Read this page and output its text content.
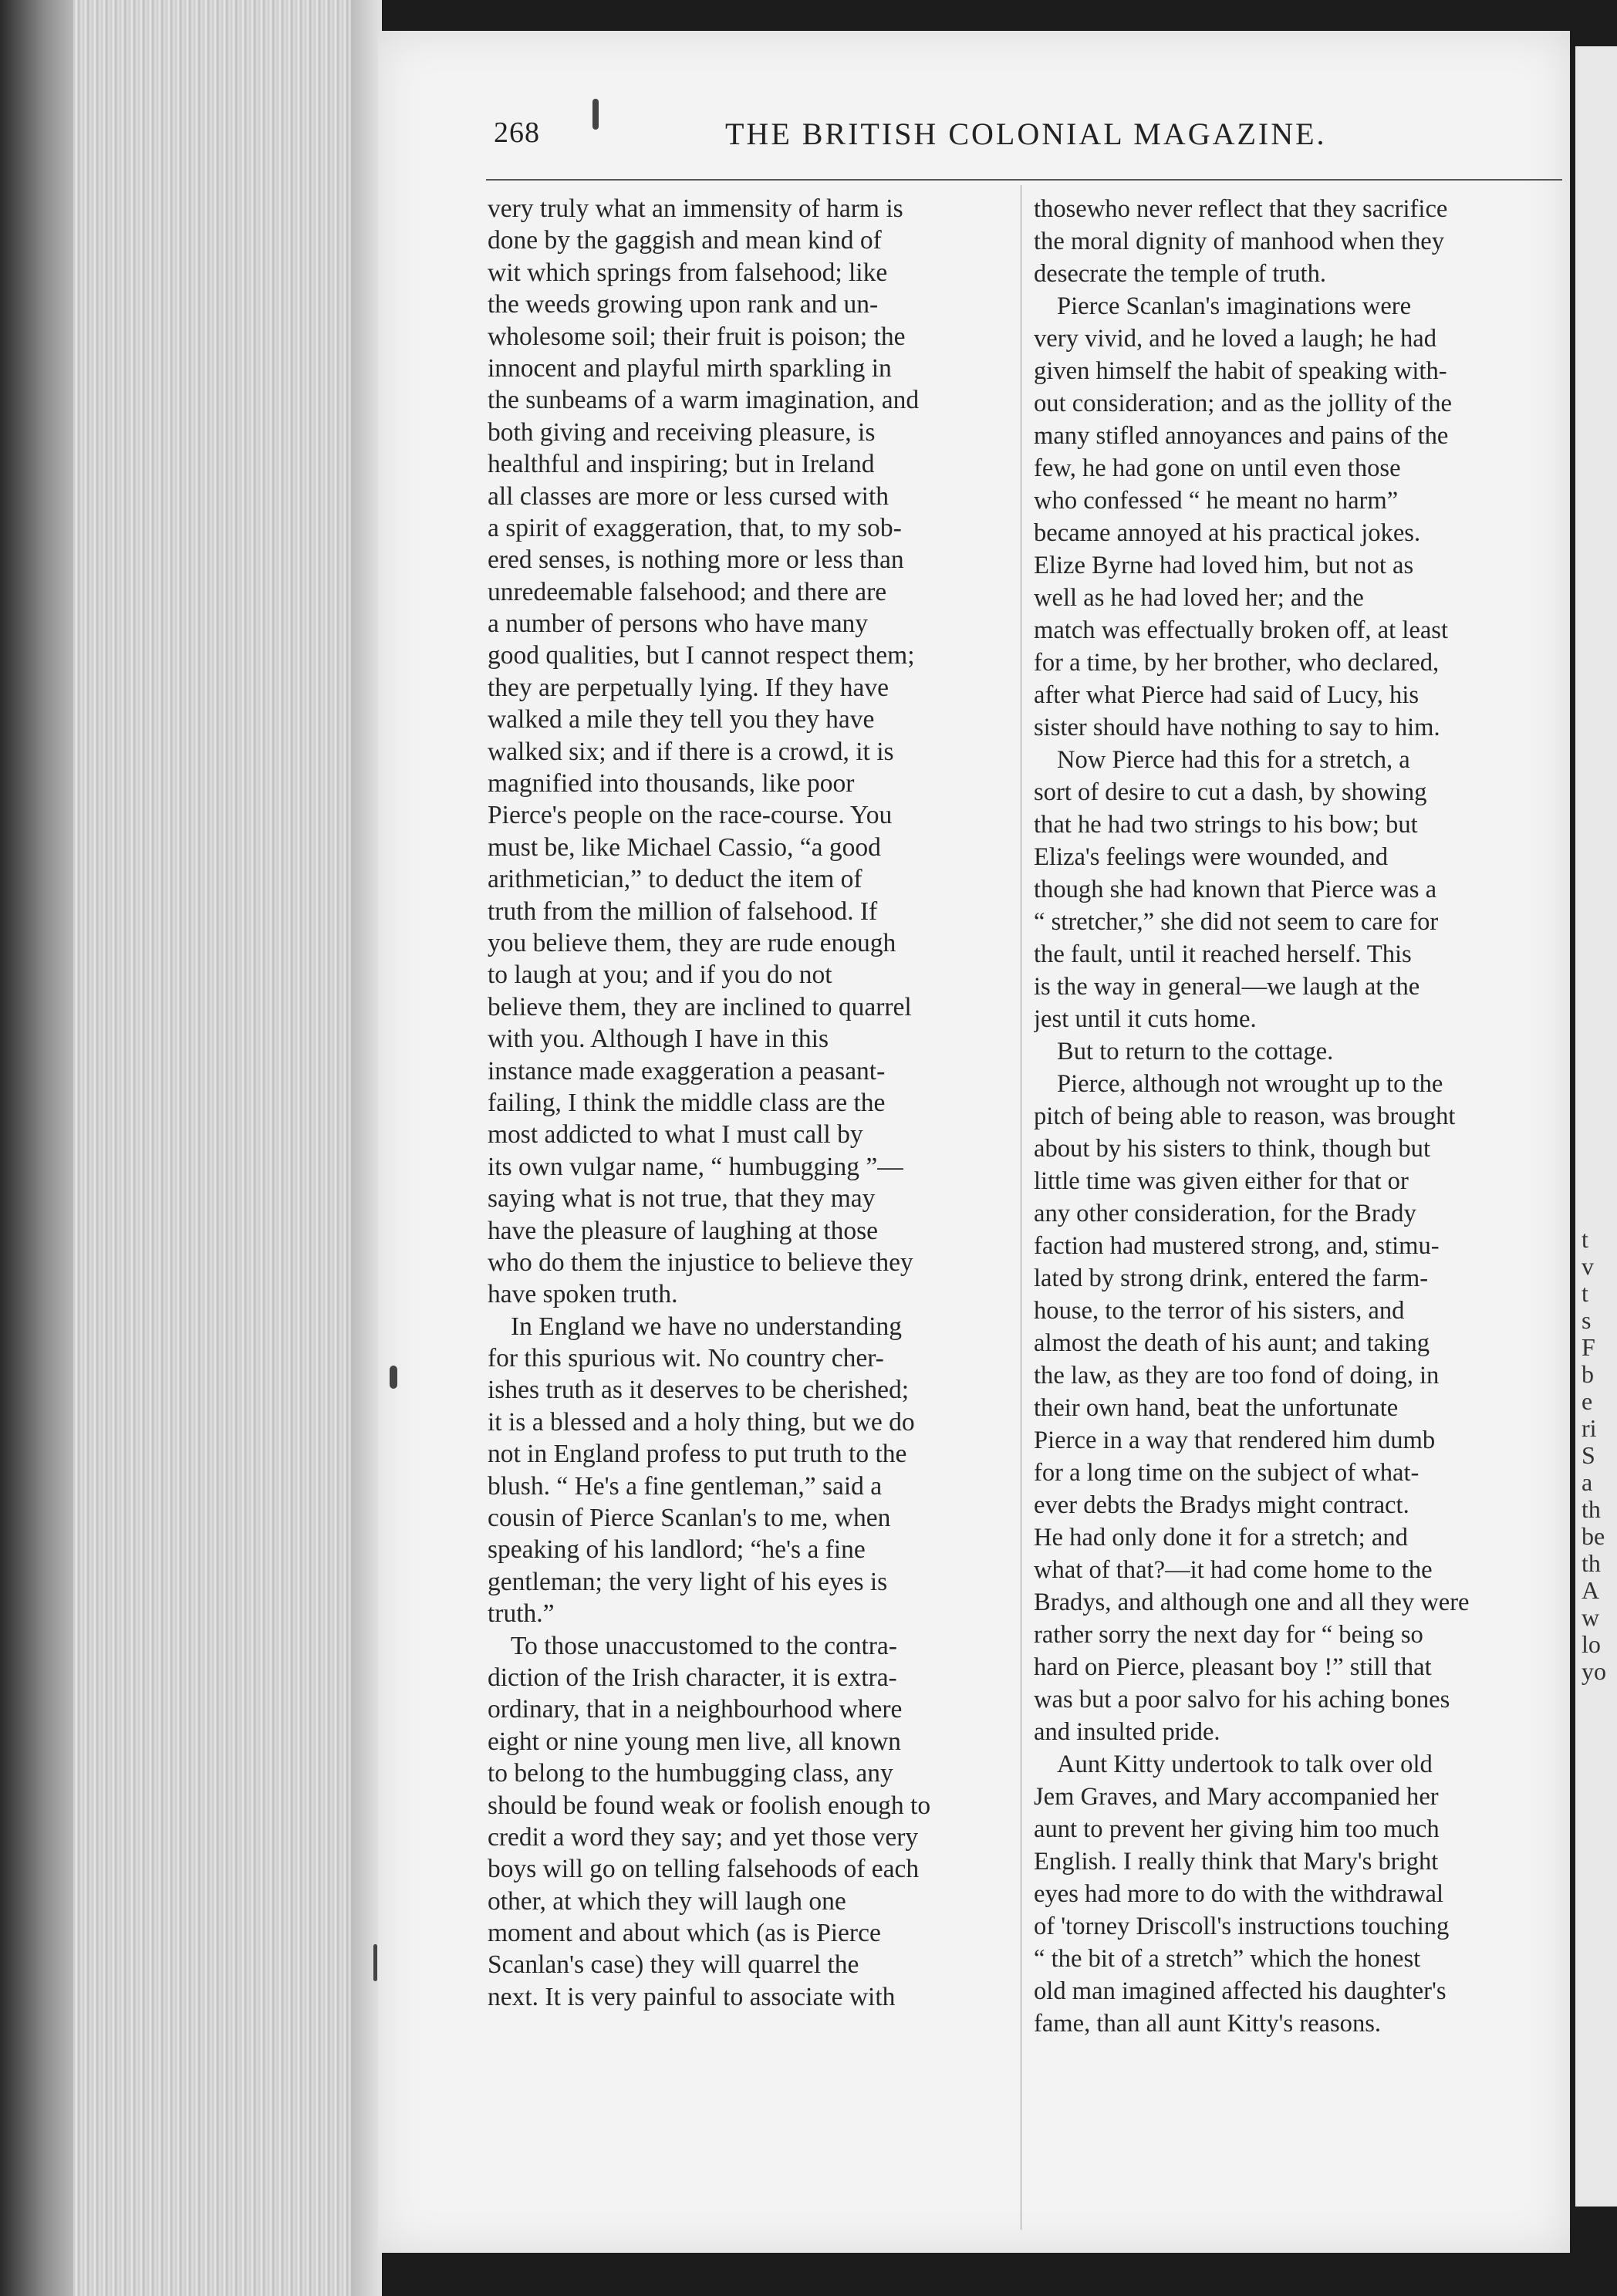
t
v
t
s
F
b
e
ri
S
a
th
be
th
A
w
lo
yo
268	THE BRITISH COLONIAL MAGAZINE.
very truly what an immensity of harm is
done by the gaggish and mean kind of
wit which springs from falsehood; like
the weeds growing upon rank and un-
wholesome soil; their fruit is poison; the
innocent and playful mirth sparkling in
the sunbeams of a warm imagination, and
both giving and receiving pleasure, is
healthful and inspiring; but in Ireland
all classes are more or less cursed with
a spirit of exaggeration, that, to my sob-
ered senses, is nothing more or less than
unredeemable falsehood; and there are
a number of persons who have many
good qualities, but I cannot respect them;
they are perpetually lying. If they have
walked a mile they tell you they have
walked six; and if there is a crowd, it is
magnified into thousands, like poor
Pierce's people on the race-course. You
must be, like Michael Cassio, “a good
arithmetician,” to deduct the item of
truth from the million of falsehood. If
you believe them, they are rude enough
to laugh at you; and if you do not
believe them, they are inclined to quarrel
with you. Although I have in this
instance made exaggeration a peasant-
failing, I think the middle class are the
most addicted to what I must call by
its own vulgar name, “ humbugging ”—
saying what is not true, that they may
have the pleasure of laughing at those
who do them the injustice to believe they
have spoken truth.
In England we have no understanding
for this spurious wit. No country cher-
ishes truth as it deserves to be cherished;
it is a blessed and a holy thing, but we do
not in England profess to put truth to the
blush. “ He's a fine gentleman,” said a
cousin of Pierce Scanlan's to me, when
speaking of his landlord; “he's a fine
gentleman; the very light of his eyes is
truth.”
To those unaccustomed to the contra-
diction of the Irish character, it is extra-
ordinary, that in a neighbourhood where
eight or nine young men live, all known
to belong to the humbugging class, any
should be found weak or foolish enough to
credit a word they say; and yet those very
boys will go on telling falsehoods of each
other, at which they will laugh one
moment and about which (as is Pierce
Scanlan's case) they will quarrel the
next. It is very painful to associate with
thosewho never reflect that they sacrifice
the moral dignity of manhood when they
desecrate the temple of truth.
Pierce Scanlan's imaginations were
very vivid, and he loved a laugh; he had
given himself the habit of speaking with-
out consideration; and as the jollity of the
many stifled annoyances and pains of the
few, he had gone on until even those
who confessed “ he meant no harm”
became annoyed at his practical jokes.
Elize Byrne had loved him, but not as
well as he had loved her; and the
match was effectually broken off, at least
for a time, by her brother, who declared,
after what Pierce had said of Lucy, his
sister should have nothing to say to him.
Now Pierce had this for a stretch, a
sort of desire to cut a dash, by showing
that he had two strings to his bow; but
Eliza's feelings were wounded, and
though she had known that Pierce was a
“ stretcher,” she did not seem to care for
the fault, until it reached herself. This
is the way in general—we laugh at the
jest until it cuts home.
But to return to the cottage.
Pierce, although not wrought up to the
pitch of being able to reason, was brought
about by his sisters to think, though but
little time was given either for that or
any other consideration, for the Brady
faction had mustered strong, and, stimu-
lated by strong drink, entered the farm-
house, to the terror of his sisters, and
almost the death of his aunt; and taking
the law, as they are too fond of doing, in
their own hand, beat the unfortunate
Pierce in a way that rendered him dumb
for a long time on the subject of what-
ever debts the Bradys might contract.
He had only done it for a stretch; and
what of that?—it had come home to the
Bradys, and although one and all they were
rather sorry the next day for “ being so
hard on Pierce, pleasant boy !” still that
was but a poor salvo for his aching bones
and insulted pride.
Aunt Kitty undertook to talk over old
Jem Graves, and Mary accompanied her
aunt to prevent her giving him too much
English. I really think that Mary's bright
eyes had more to do with the withdrawal
of 'torney Driscoll's instructions touching
“ the bit of a stretch” which the honest
old man imagined affected his daughter's
fame, than all aunt Kitty's reasons.
